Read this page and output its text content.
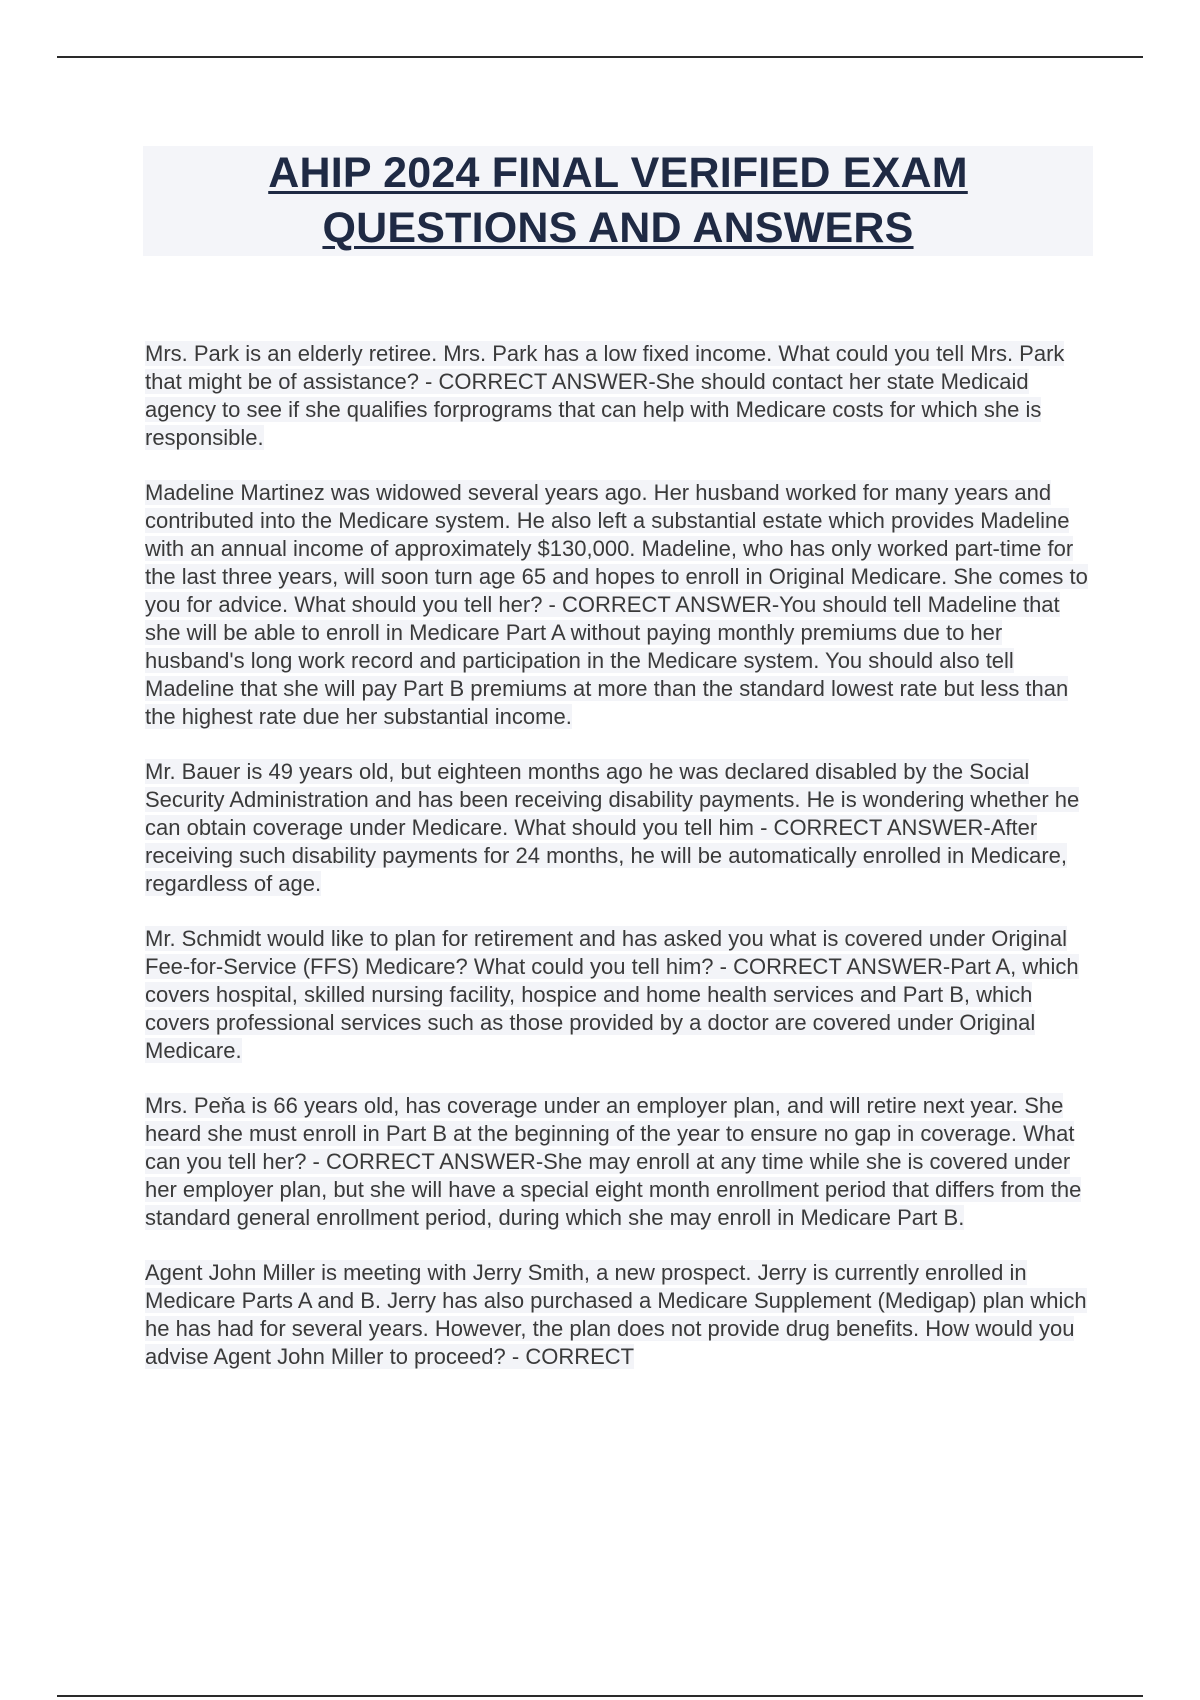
AHIP 2024 FINAL VERIFIED EXAM
QUESTIONS AND ANSWERS

Mrs. Park is an elderly retiree. Mrs. Park has a low fixed income. What could you tell Mrs. Park that might be of assistance? - CORRECT ANSWER-She should contact her state Medicaid agency to see if she qualifies forprograms that can help with Medicare costs for which she is responsible.

Madeline Martinez was widowed several years ago. Her husband worked for many years and contributed into the Medicare system. He also left a substantial estate which provides Madeline with an annual income of approximately $130,000. Madeline, who has only worked part-time for the last three years, will soon turn age 65 and hopes to enroll in Original Medicare. She comes to you for advice. What should you tell her? - CORRECT ANSWER-You should tell Madeline that she will be able to enroll in Medicare Part A without paying monthly premiums due to her husband's long work record and participation in the Medicare system. You should also tell Madeline that she will pay Part B premiums at more than the standard lowest rate but less than the highest rate due her substantial income.

Mr. Bauer is 49 years old, but eighteen months ago he was declared disabled by the Social Security Administration and has been receiving disability payments. He is wondering whether he can obtain coverage under Medicare. What should you tell him - CORRECT ANSWER-After receiving such disability payments for 24 months, he will be automatically enrolled in Medicare, regardless of age.

Mr. Schmidt would like to plan for retirement and has asked you what is covered under Original Fee-for-Service (FFS) Medicare? What could you tell him? - CORRECT ANSWER-Part A, which covers hospital, skilled nursing facility, hospice and home health services and Part B, which covers professional services such as those provided by a doctor are covered under Original Medicare.

Mrs. Peňa is 66 years old, has coverage under an employer plan, and will retire next year. She heard she must enroll in Part B at the beginning of the year to ensure no gap in coverage. What can you tell her? - CORRECT ANSWER-She may enroll at any time while she is covered under her employer plan, but she will have a special eight month enrollment period that differs from the standard general enrollment period, during which she may enroll in Medicare Part B.

Agent John Miller is meeting with Jerry Smith, a new prospect. Jerry is currently enrolled in Medicare Parts A and B. Jerry has also purchased a Medicare Supplement (Medigap) plan which he has had for several years. However, the plan does not provide drug benefits. How would you advise Agent John Miller to proceed? - CORRECT
